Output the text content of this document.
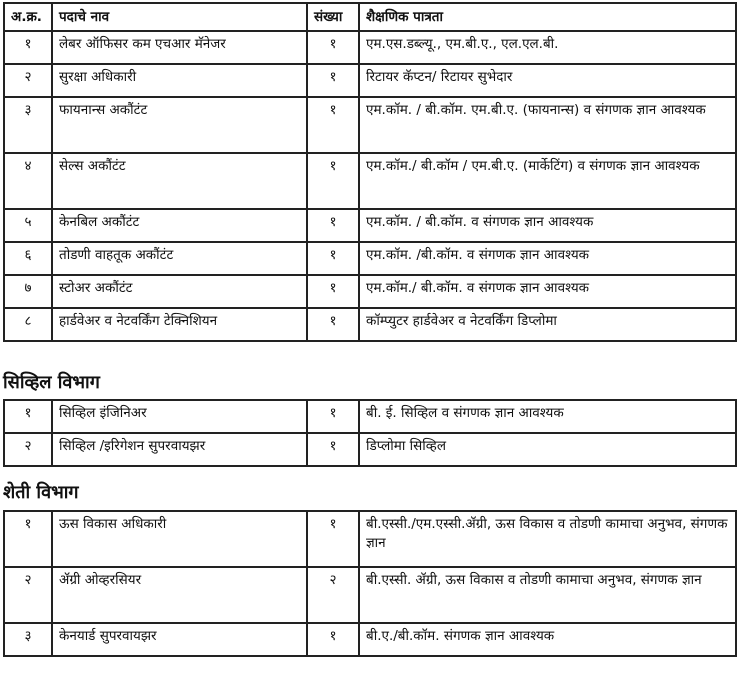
अ.क्र.	पदाचे नाव	संख्या	शैक्षणिक पात्रता
१	लेबर ऑफिसर कम एचआर मॅनेजर	१	एम.एस.डब्ल्यू., एम.बी.ए., एल.एल.बी.
२	सुरक्षा अधिकारी	१	रिटायर कॅप्टन/ रिटायर सुभेदार
३	फायनान्स अकौंटंट	१	एम.कॉम. / बी.कॉम. एम.बी.ए. (फायनान्स) व संगणक ज्ञान आवश्यक
४	सेल्स अकौंटंट	१	एम.कॉम./ बी.कॉम / एम.बी.ए. (मार्केटिंग) व संगणक ज्ञान आवश्यक
५	केनबिल अकौंटंट	१	एम.कॉम. / बी.कॉम. व संगणक ज्ञान आवश्यक
६	तोडणी वाहतूक अकौंटंट	१	एम.कॉम. /बी.कॉम. व संगणक ज्ञान आवश्यक
७	स्टोअर अकौंटंट	१	एम.कॉम./ बी.कॉम. व संगणक ज्ञान आवश्यक
८	हार्डवेअर व नेटवर्किंग टेक्निशियन	१	कॉम्प्युटर हार्डवेअर व नेटवर्किंग डिप्लोमा
सिव्हिल विभाग
१	सिव्हिल इंजिनिअर	१	बी. ई. सिव्हिल व संगणक ज्ञान आवश्यक
२	सिव्हिल /इरिगेशन सुपरवायझर	१	डिप्लोमा सिव्हिल
शेती विभाग
१	ऊस विकास अधिकारी	१	बी.एस्सी./एम.एस्सी.ॲग्री, ऊस विकास व तोडणी कामाचा अनुभव, संगणक ज्ञान
२	ॲग्री ओव्हरसियर	२	बी.एस्सी. ॲग्री, ऊस विकास व तोडणी कामाचा अनुभव, संगणक ज्ञान
३	केनयार्ड सुपरवायझर	१	बी.ए./बी.कॉम. संगणक ज्ञान आवश्यक
